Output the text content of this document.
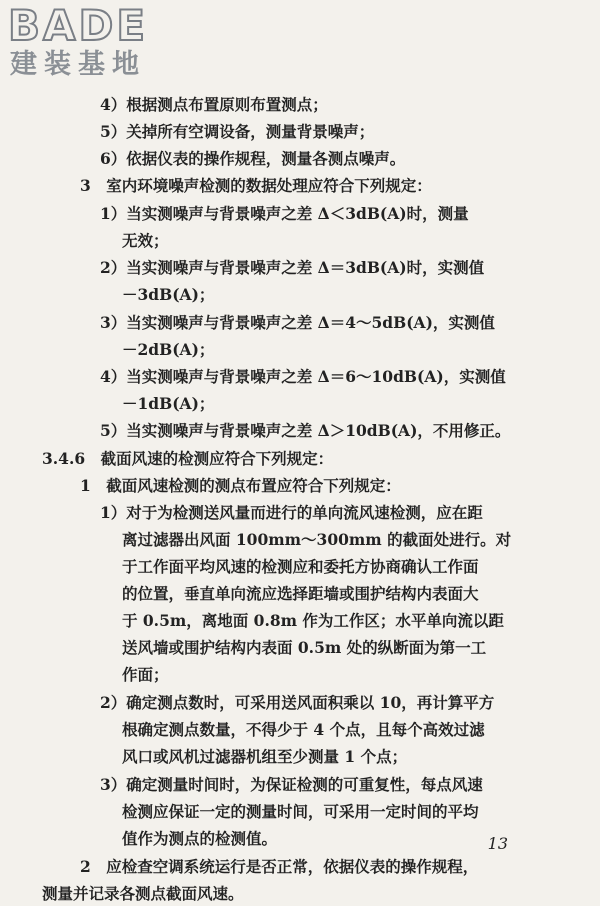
BADE
建装基地
4）根据测点布置原则布置测点；
5）关掉所有空调设备，测量背景噪声；
6）依据仪表的操作规程，测量各测点噪声。
3　室内环境噪声检测的数据处理应符合下列规定：
1）当实测噪声与背景噪声之差 Δ＜3dB(A)时，测量
无效；
2）当实测噪声与背景噪声之差 Δ＝3dB(A)时，实测值
－3dB(A)；
3）当实测噪声与背景噪声之差 Δ＝4～5dB(A)，实测值
－2dB(A)；
4）当实测噪声与背景噪声之差 Δ＝6～10dB(A)，实测值
－1dB(A)；
5）当实测噪声与背景噪声之差 Δ＞10dB(A)，不用修正。
3.4.6　截面风速的检测应符合下列规定：
1　截面风速检测的测点布置应符合下列规定：
1）对于为检测送风量而进行的单向流风速检测，应在距
离过滤器出风面 100mm～300mm 的截面处进行。对
于工作面平均风速的检测应和委托方协商确认工作面
的位置，垂直单向流应选择距墙或围护结构内表面大
于 0.5m，离地面 0.8m 作为工作区；水平单向流以距
送风墙或围护结构内表面 0.5m 处的纵断面为第一工
作面；
2）确定测点数时，可采用送风面积乘以 10，再计算平方
根确定测点数量，不得少于 4 个点，且每个高效过滤
风口或风机过滤器机组至少测量 1 个点；
3）确定测量时间时，为保证检测的可重复性，每点风速
检测应保证一定的测量时间，可采用一定时间的平均
值作为测点的检测值。
2　应检查空调系统运行是否正常，依据仪表的操作规程，
测量并记录各测点截面风速。
13
